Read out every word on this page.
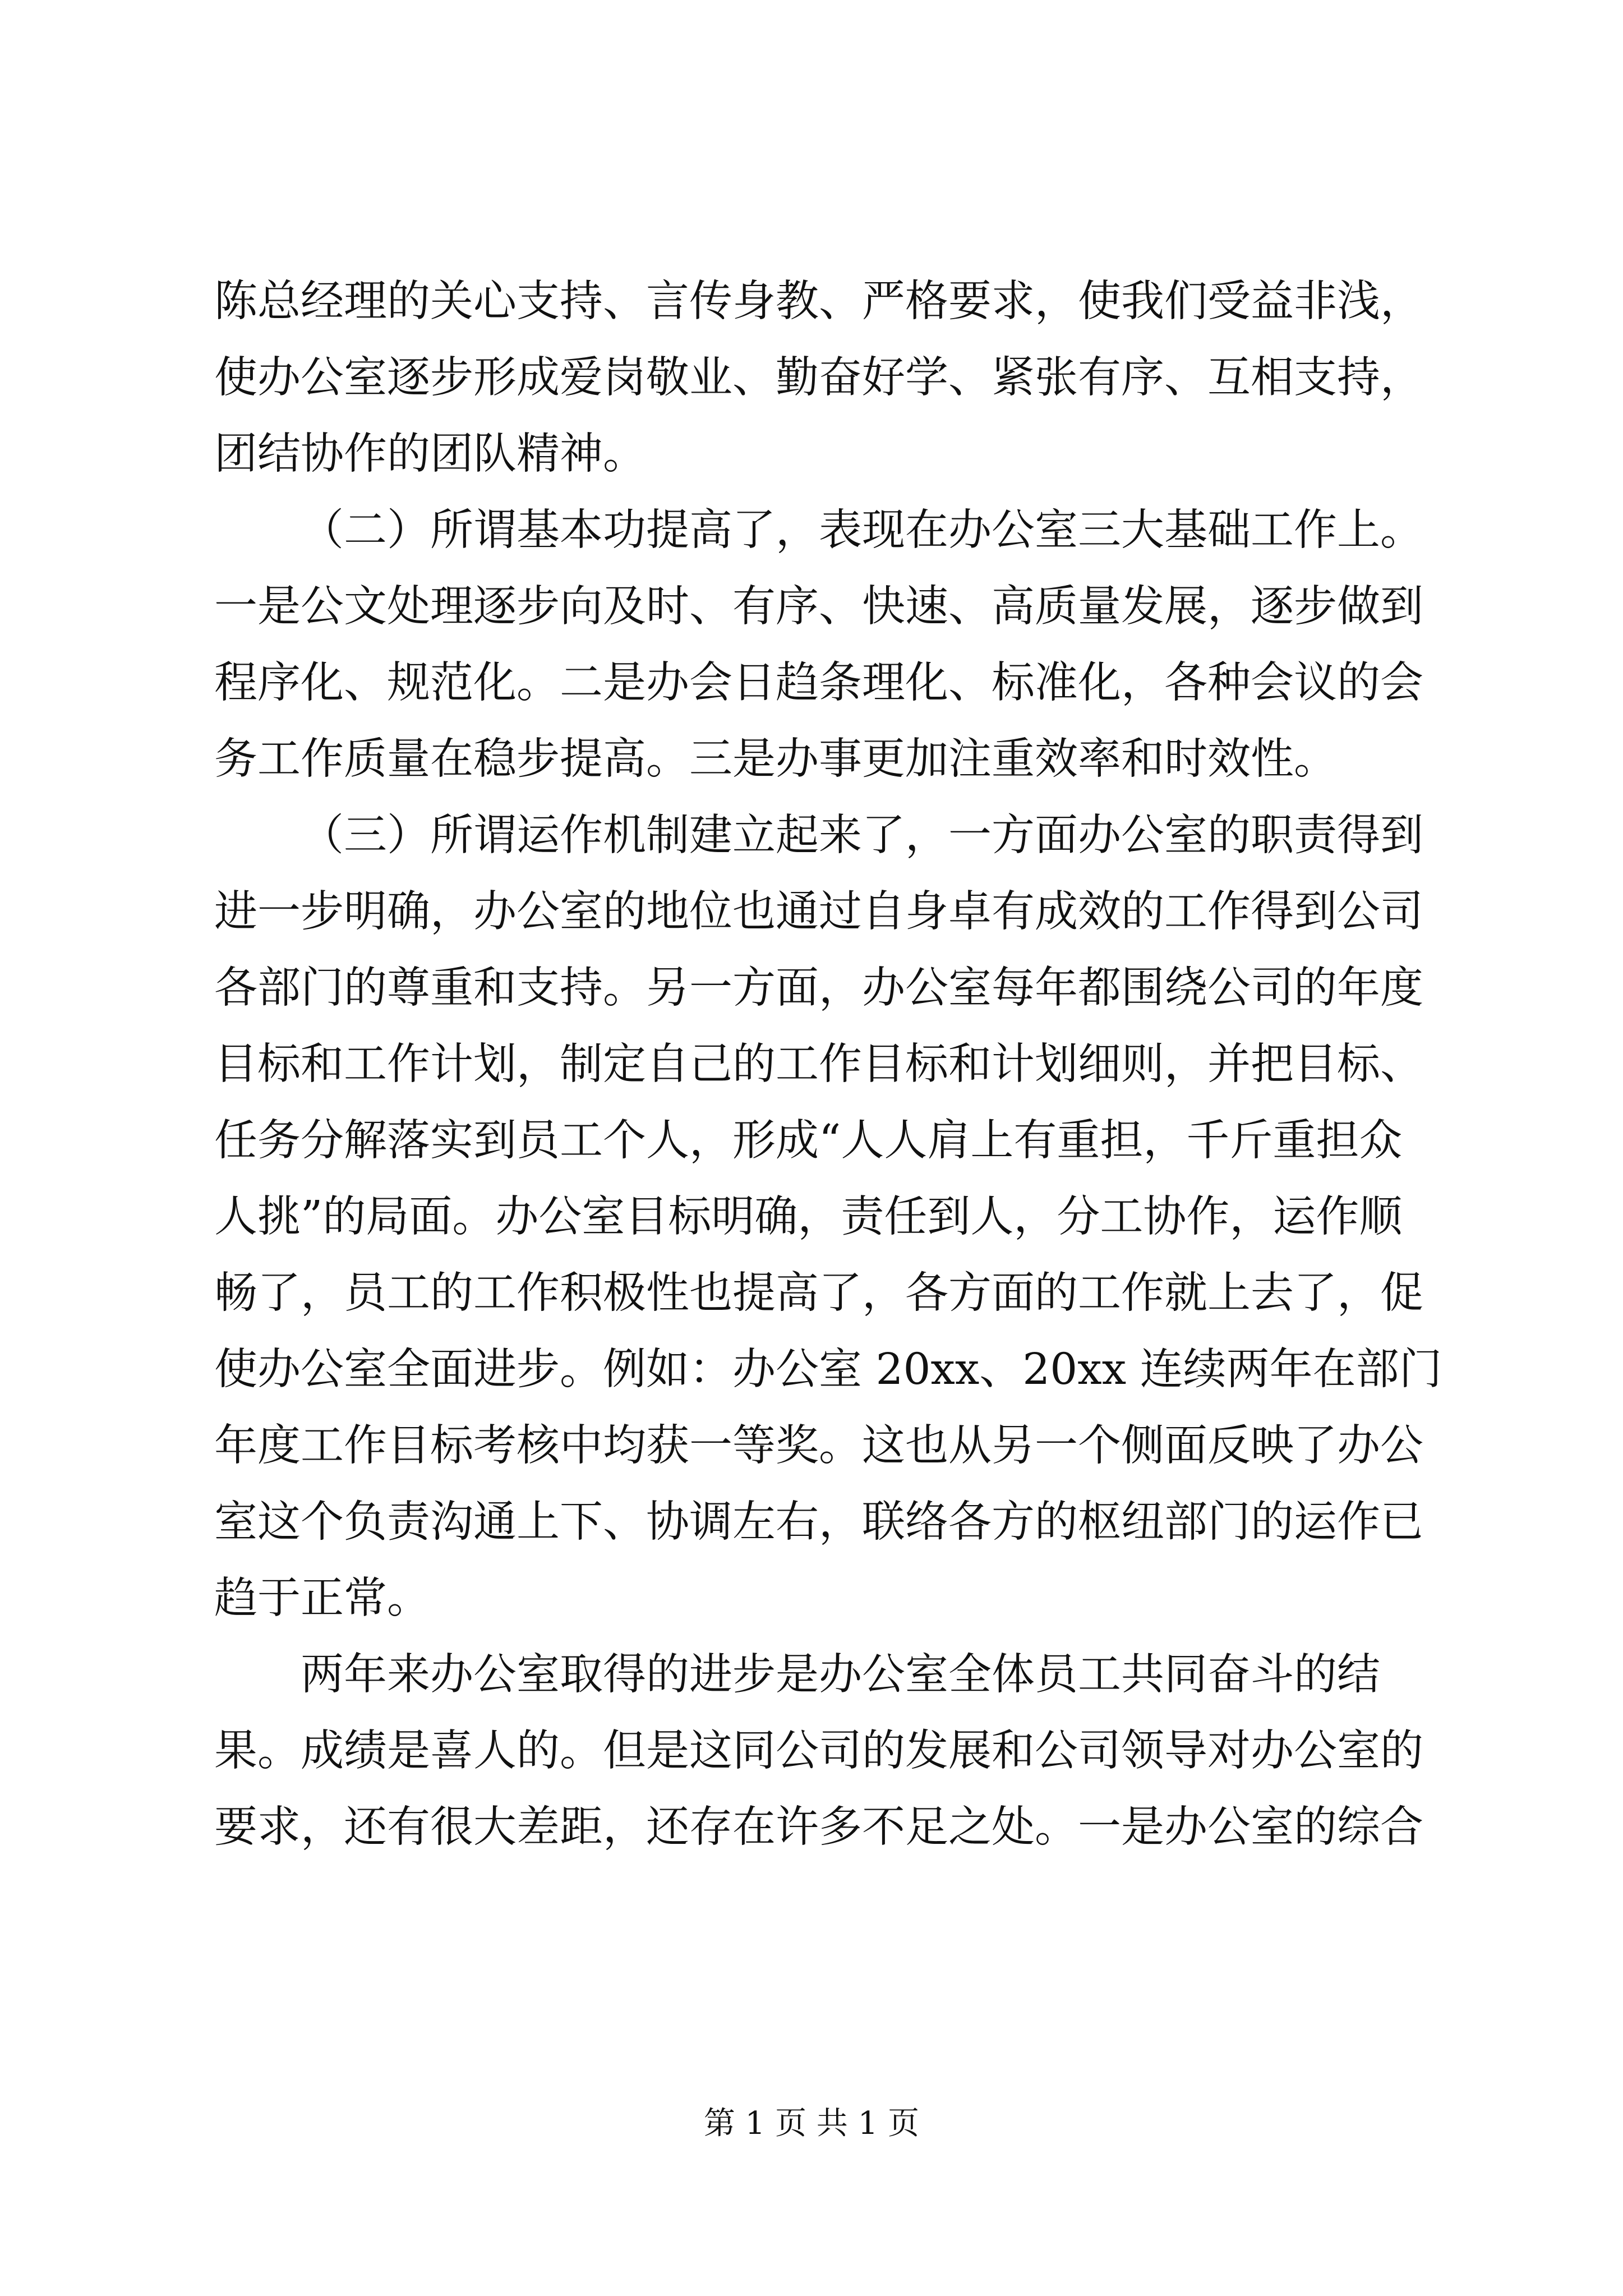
陈总经理的关心支持、言传身教、严格要求，使我们受益非浅，
使办公室逐步形成爱岗敬业、勤奋好学、紧张有序、互相支持，
团结协作的团队精神。
（二）所谓基本功提高了，表现在办公室三大基础工作上。
一是公文处理逐步向及时、有序、快速、高质量发展，逐步做到
程序化、规范化。二是办会日趋条理化、标准化，各种会议的会
务工作质量在稳步提高。三是办事更加注重效率和时效性。
（三）所谓运作机制建立起来了，一方面办公室的职责得到
进一步明确，办公室的地位也通过自身卓有成效的工作得到公司
各部门的尊重和支持。另一方面，办公室每年都围绕公司的年度
目标和工作计划，制定自己的工作目标和计划细则，并把目标、
任务分解落实到员工个人，形成“人人肩上有重担，千斤重担众
人挑”的局面。办公室目标明确，责任到人，分工协作，运作顺
畅了，员工的工作积极性也提高了，各方面的工作就上去了，促
使办公室全面进步。例如：办公室 20xx、20xx 连续两年在部门
年度工作目标考核中均获一等奖。这也从另一个侧面反映了办公
室这个负责沟通上下、协调左右，联络各方的枢纽部门的运作已
趋于正常。
两年来办公室取得的进步是办公室全体员工共同奋斗的结
果。成绩是喜人的。但是这同公司的发展和公司领导对办公室的
要求，还有很大差距，还存在许多不足之处。一是办公室的综合
第 1 页 共 1 页
